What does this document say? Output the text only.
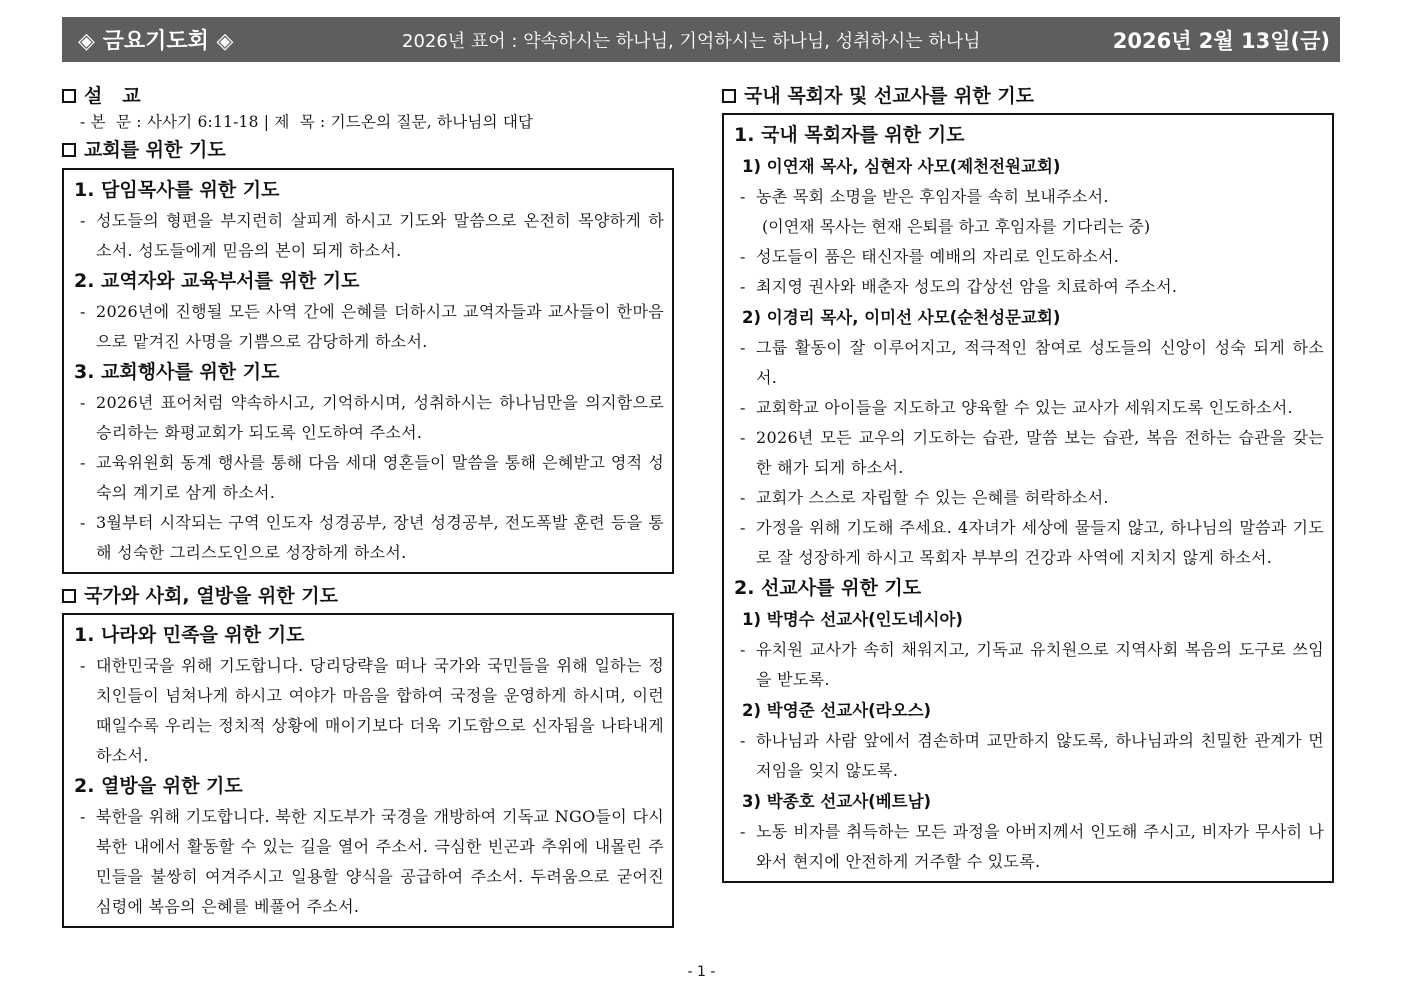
◈ 금요기도회 ◈	2026년 표어 : 약속하시는 하나님, 기억하시는 하나님, 성취하시는 하나님	2026년 2월 13일(금)
설   교
- 본  문 : 사사기 6:11-18 | 제  목 : 기드온의 질문, 하나님의 대답
교회를 위한 기도
1. 담임목사를 위한 기도
- 성도들의 형편을 부지런히 살피게 하시고 기도와 말씀으로 온전히 목양하게 하소서. 성도들에게 믿음의 본이 되게 하소서.
2. 교역자와 교육부서를 위한 기도
- 2026년에 진행될 모든 사역 간에 은혜를 더하시고 교역자들과 교사들이 한마음으로 맡겨진 사명을 기쁨으로 감당하게 하소서.
3. 교회행사를 위한 기도
- 2026년 표어처럼 약속하시고, 기억하시며, 성취하시는 하나님만을 의지함으로 승리하는 화평교회가 되도록 인도하여 주소서.
- 교육위원회 동계 행사를 통해 다음 세대 영혼들이 말씀을 통해 은혜받고 영적 성숙의 계기로 삼게 하소서.
- 3월부터 시작되는 구역 인도자 성경공부, 장년 성경공부, 전도폭발 훈련 등을 통해 성숙한 그리스도인으로 성장하게 하소서.
국가와 사회, 열방을 위한 기도
1. 나라와 민족을 위한 기도
- 대한민국을 위해 기도합니다. 당리당략을 떠나 국가와 국민들을 위해 일하는 정치인들이 넘쳐나게 하시고 여야가 마음을 합하여 국정을 운영하게 하시며, 이런 때일수록 우리는 정치적 상황에 매이기보다 더욱 기도함으로 신자됨을 나타내게 하소서.
2. 열방을 위한 기도
- 북한을 위해 기도합니다. 북한 지도부가 국경을 개방하여 기독교 NGO들이 다시 북한 내에서 활동할 수 있는 길을 열어 주소서. 극심한 빈곤과 추위에 내몰린 주민들을 불쌍히 여겨주시고 일용할 양식을 공급하여 주소서. 두려움으로 굳어진 심령에 복음의 은혜를 베풀어 주소서.
국내 목회자 및 선교사를 위한 기도
1. 국내 목회자를 위한 기도
1) 이연재 목사, 심현자 사모(제천전원교회)
- 농촌 목회 소명을 받은 후임자를 속히 보내주소서.
(이연재 목사는 현재 은퇴를 하고 후임자를 기다리는 중)
- 성도들이 품은 태신자를 예배의 자리로 인도하소서.
- 최지영 권사와 배춘자 성도의 갑상선 암을 치료하여 주소서.
2) 이경리 목사, 이미선 사모(순천성문교회)
- 그룹 활동이 잘 이루어지고, 적극적인 참여로 성도들의 신앙이 성숙 되게 하소서.
- 교회학교 아이들을 지도하고 양육할 수 있는 교사가 세워지도록 인도하소서.
- 2026년 모든 교우의 기도하는 습관, 말씀 보는 습관, 복음 전하는 습관을 갖는 한 해가 되게 하소서.
- 교회가 스스로 자립할 수 있는 은혜를 허락하소서.
- 가정을 위해 기도해 주세요. 4자녀가 세상에 물들지 않고, 하나님의 말씀과 기도로 잘 성장하게 하시고 목회자 부부의 건강과 사역에 지치지 않게 하소서.
2. 선교사를 위한 기도
1) 박명수 선교사(인도네시아)
- 유치원 교사가 속히 채워지고, 기독교 유치원으로 지역사회 복음의 도구로 쓰임을 받도록.
2) 박영준 선교사(라오스)
- 하나님과 사람 앞에서 겸손하며 교만하지 않도록, 하나님과의 친밀한 관계가 먼저임을 잊지 않도록.
3) 박종호 선교사(베트남)
- 노동 비자를 취득하는 모든 과정을 아버지께서 인도해 주시고, 비자가 무사히 나와서 현지에 안전하게 거주할 수 있도록.
- 1 -
